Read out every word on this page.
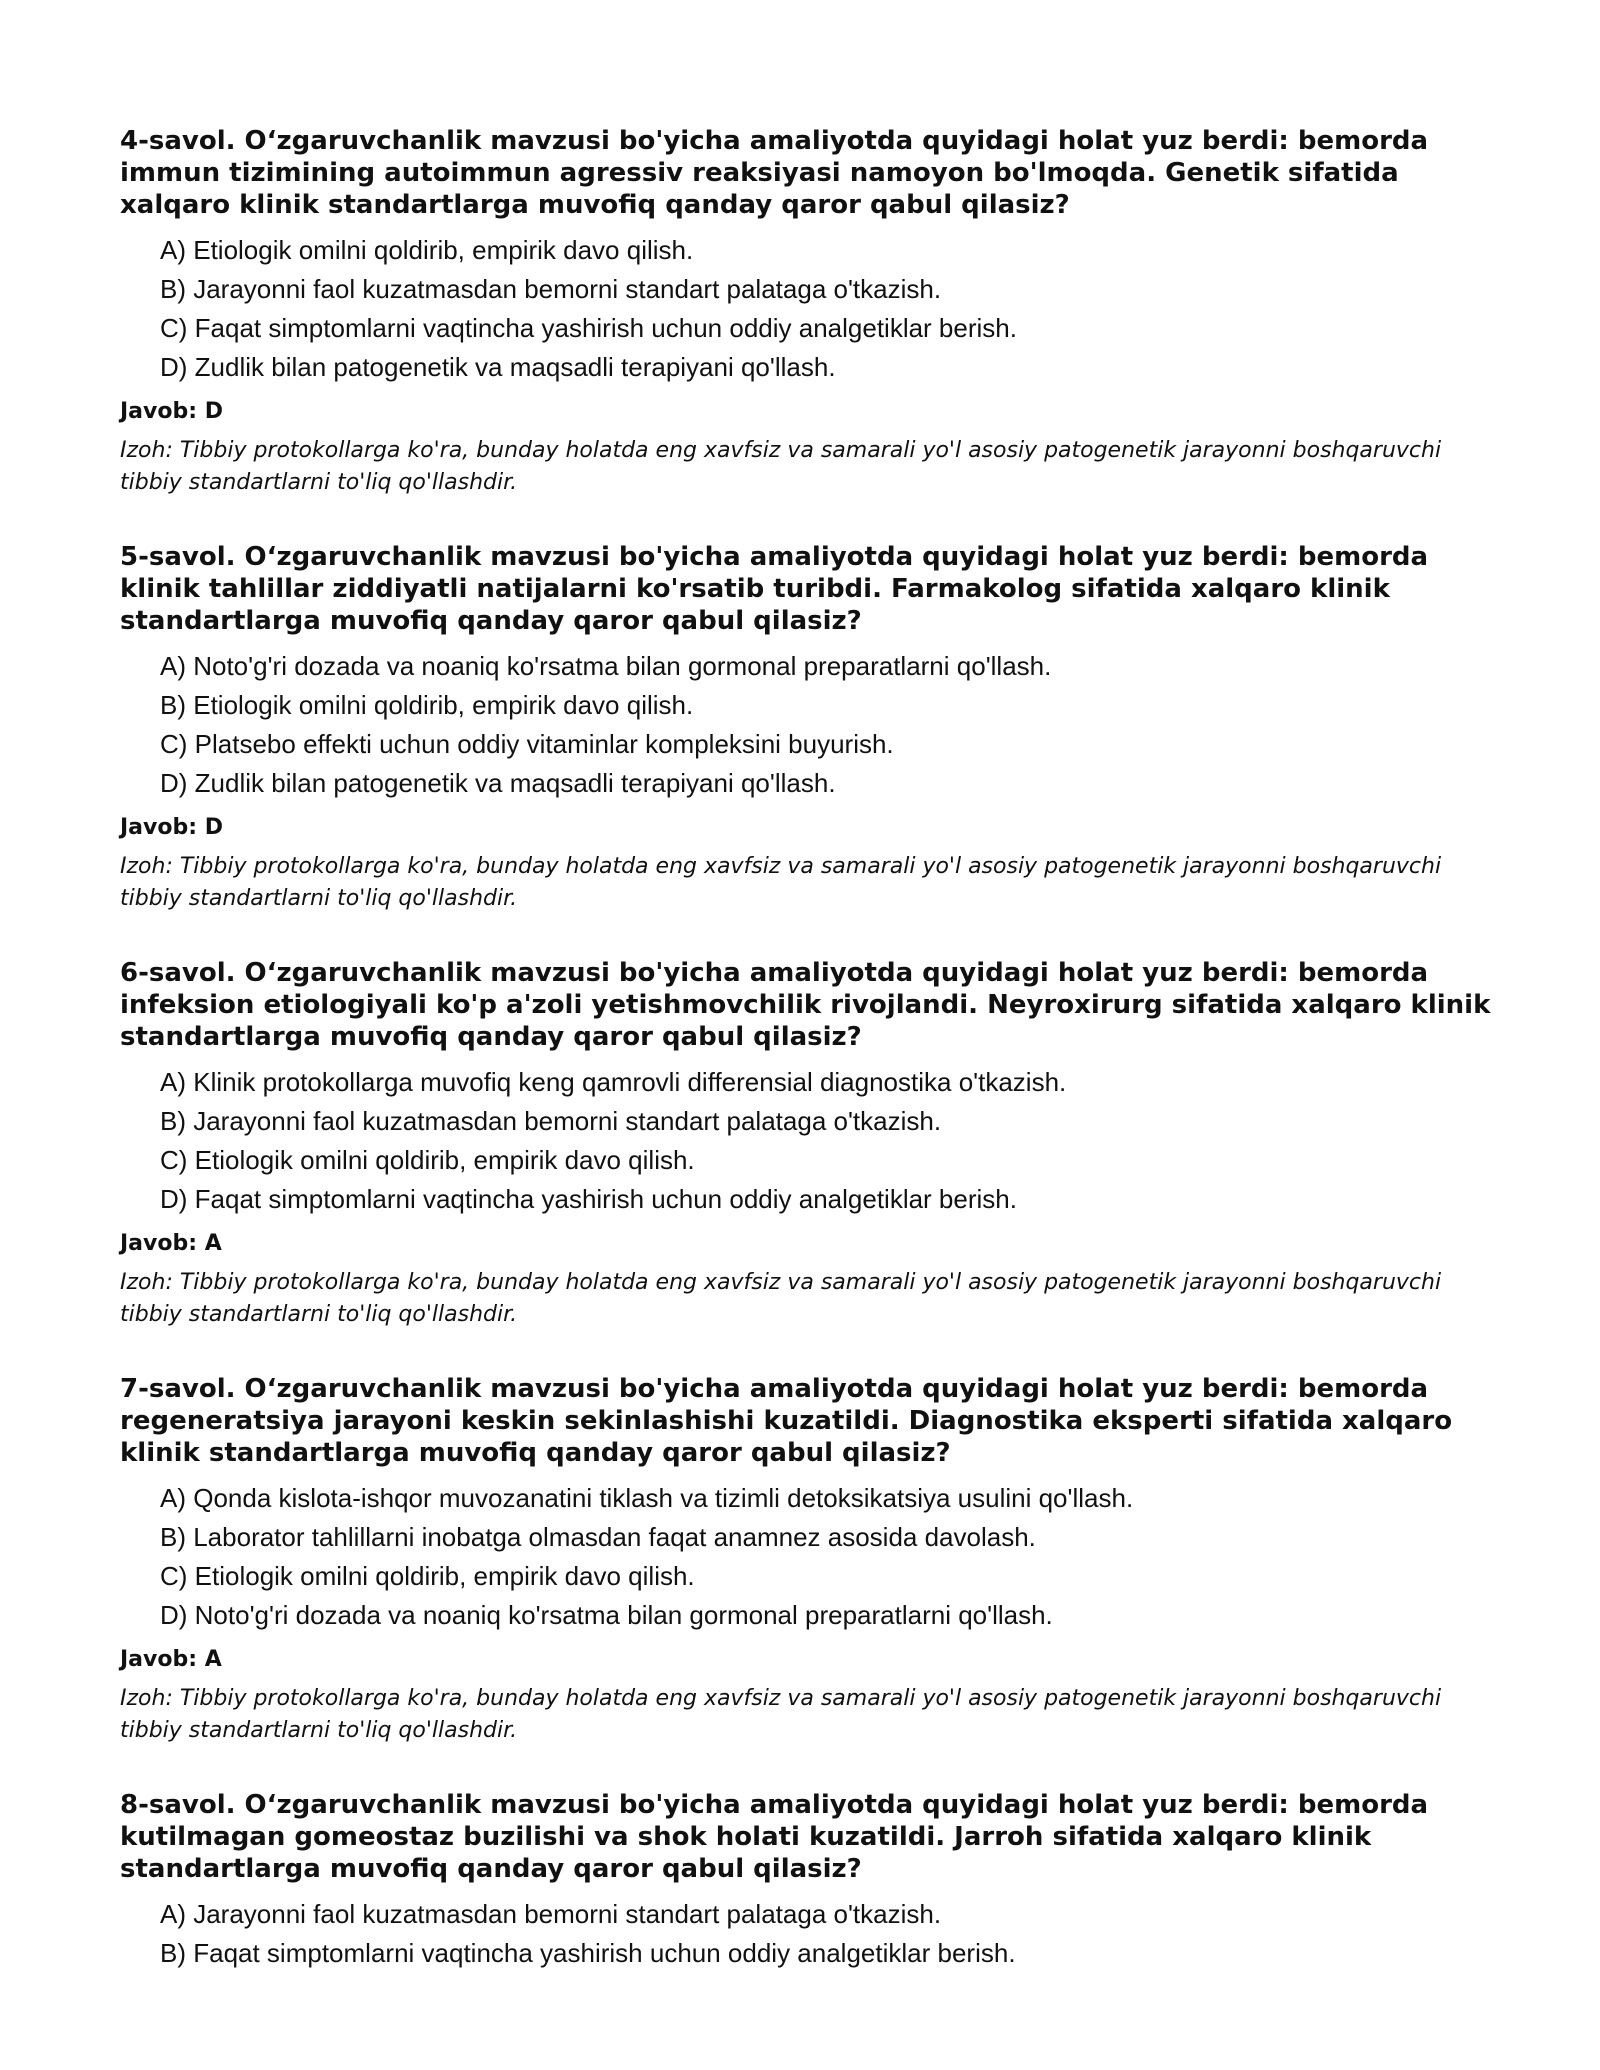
4-savol. O‘zgaruvchanlik mavzusi bo'yicha amaliyotda quyidagi holat yuz berdi: bemorda immun tizimining autoimmun agressiv reaksiyasi namoyon bo'lmoqda. Genetik sifatida xalqaro klinik standartlarga muvofiq qanday qaror qabul qilasiz?
A) Etiologik omilni qoldirib, empirik davo qilish.
B) Jarayonni faol kuzatmasdan bemorni standart palataga o'tkazish.
C) Faqat simptomlarni vaqtincha yashirish uchun oddiy analgetiklar berish.
D) Zudlik bilan patogenetik va maqsadli terapiyani qo'llash.
Javob: D
Izoh: Tibbiy protokollarga ko'ra, bunday holatda eng xavfsiz va samarali yo'l asosiy patogenetik jarayonni boshqaruvchi tibbiy standartlarni to'liq qo'llashdir.
5-savol. O‘zgaruvchanlik mavzusi bo'yicha amaliyotda quyidagi holat yuz berdi: bemorda klinik tahlillar ziddiyatli natijalarni ko'rsatib turibdi. Farmakolog sifatida xalqaro klinik standartlarga muvofiq qanday qaror qabul qilasiz?
A) Noto'g'ri dozada va noaniq ko'rsatma bilan gormonal preparatlarni qo'llash.
B) Etiologik omilni qoldirib, empirik davo qilish.
C) Platsebo effekti uchun oddiy vitaminlar kompleksini buyurish.
D) Zudlik bilan patogenetik va maqsadli terapiyani qo'llash.
Javob: D
Izoh: Tibbiy protokollarga ko'ra, bunday holatda eng xavfsiz va samarali yo'l asosiy patogenetik jarayonni boshqaruvchi tibbiy standartlarni to'liq qo'llashdir.
6-savol. O‘zgaruvchanlik mavzusi bo'yicha amaliyotda quyidagi holat yuz berdi: bemorda infeksion etiologiyali ko'p a'zoli yetishmovchilik rivojlandi. Neyroxirurg sifatida xalqaro klinik standartlarga muvofiq qanday qaror qabul qilasiz?
A) Klinik protokollarga muvofiq keng qamrovli differensial diagnostika o'tkazish.
B) Jarayonni faol kuzatmasdan bemorni standart palataga o'tkazish.
C) Etiologik omilni qoldirib, empirik davo qilish.
D) Faqat simptomlarni vaqtincha yashirish uchun oddiy analgetiklar berish.
Javob: A
Izoh: Tibbiy protokollarga ko'ra, bunday holatda eng xavfsiz va samarali yo'l asosiy patogenetik jarayonni boshqaruvchi tibbiy standartlarni to'liq qo'llashdir.
7-savol. O‘zgaruvchanlik mavzusi bo'yicha amaliyotda quyidagi holat yuz berdi: bemorda regeneratsiya jarayoni keskin sekinlashishi kuzatildi. Diagnostika eksperti sifatida xalqaro klinik standartlarga muvofiq qanday qaror qabul qilasiz?
A) Qonda kislota-ishqor muvozanatini tiklash va tizimli detoksikatsiya usulini qo'llash.
B) Laborator tahlillarni inobatga olmasdan faqat anamnez asosida davolash.
C) Etiologik omilni qoldirib, empirik davo qilish.
D) Noto'g'ri dozada va noaniq ko'rsatma bilan gormonal preparatlarni qo'llash.
Javob: A
Izoh: Tibbiy protokollarga ko'ra, bunday holatda eng xavfsiz va samarali yo'l asosiy patogenetik jarayonni boshqaruvchi tibbiy standartlarni to'liq qo'llashdir.
8-savol. O‘zgaruvchanlik mavzusi bo'yicha amaliyotda quyidagi holat yuz berdi: bemorda kutilmagan gomeostaz buzilishi va shok holati kuzatildi. Jarroh sifatida xalqaro klinik standartlarga muvofiq qanday qaror qabul qilasiz?
A) Jarayonni faol kuzatmasdan bemorni standart palataga o'tkazish.
B) Faqat simptomlarni vaqtincha yashirish uchun oddiy analgetiklar berish.
